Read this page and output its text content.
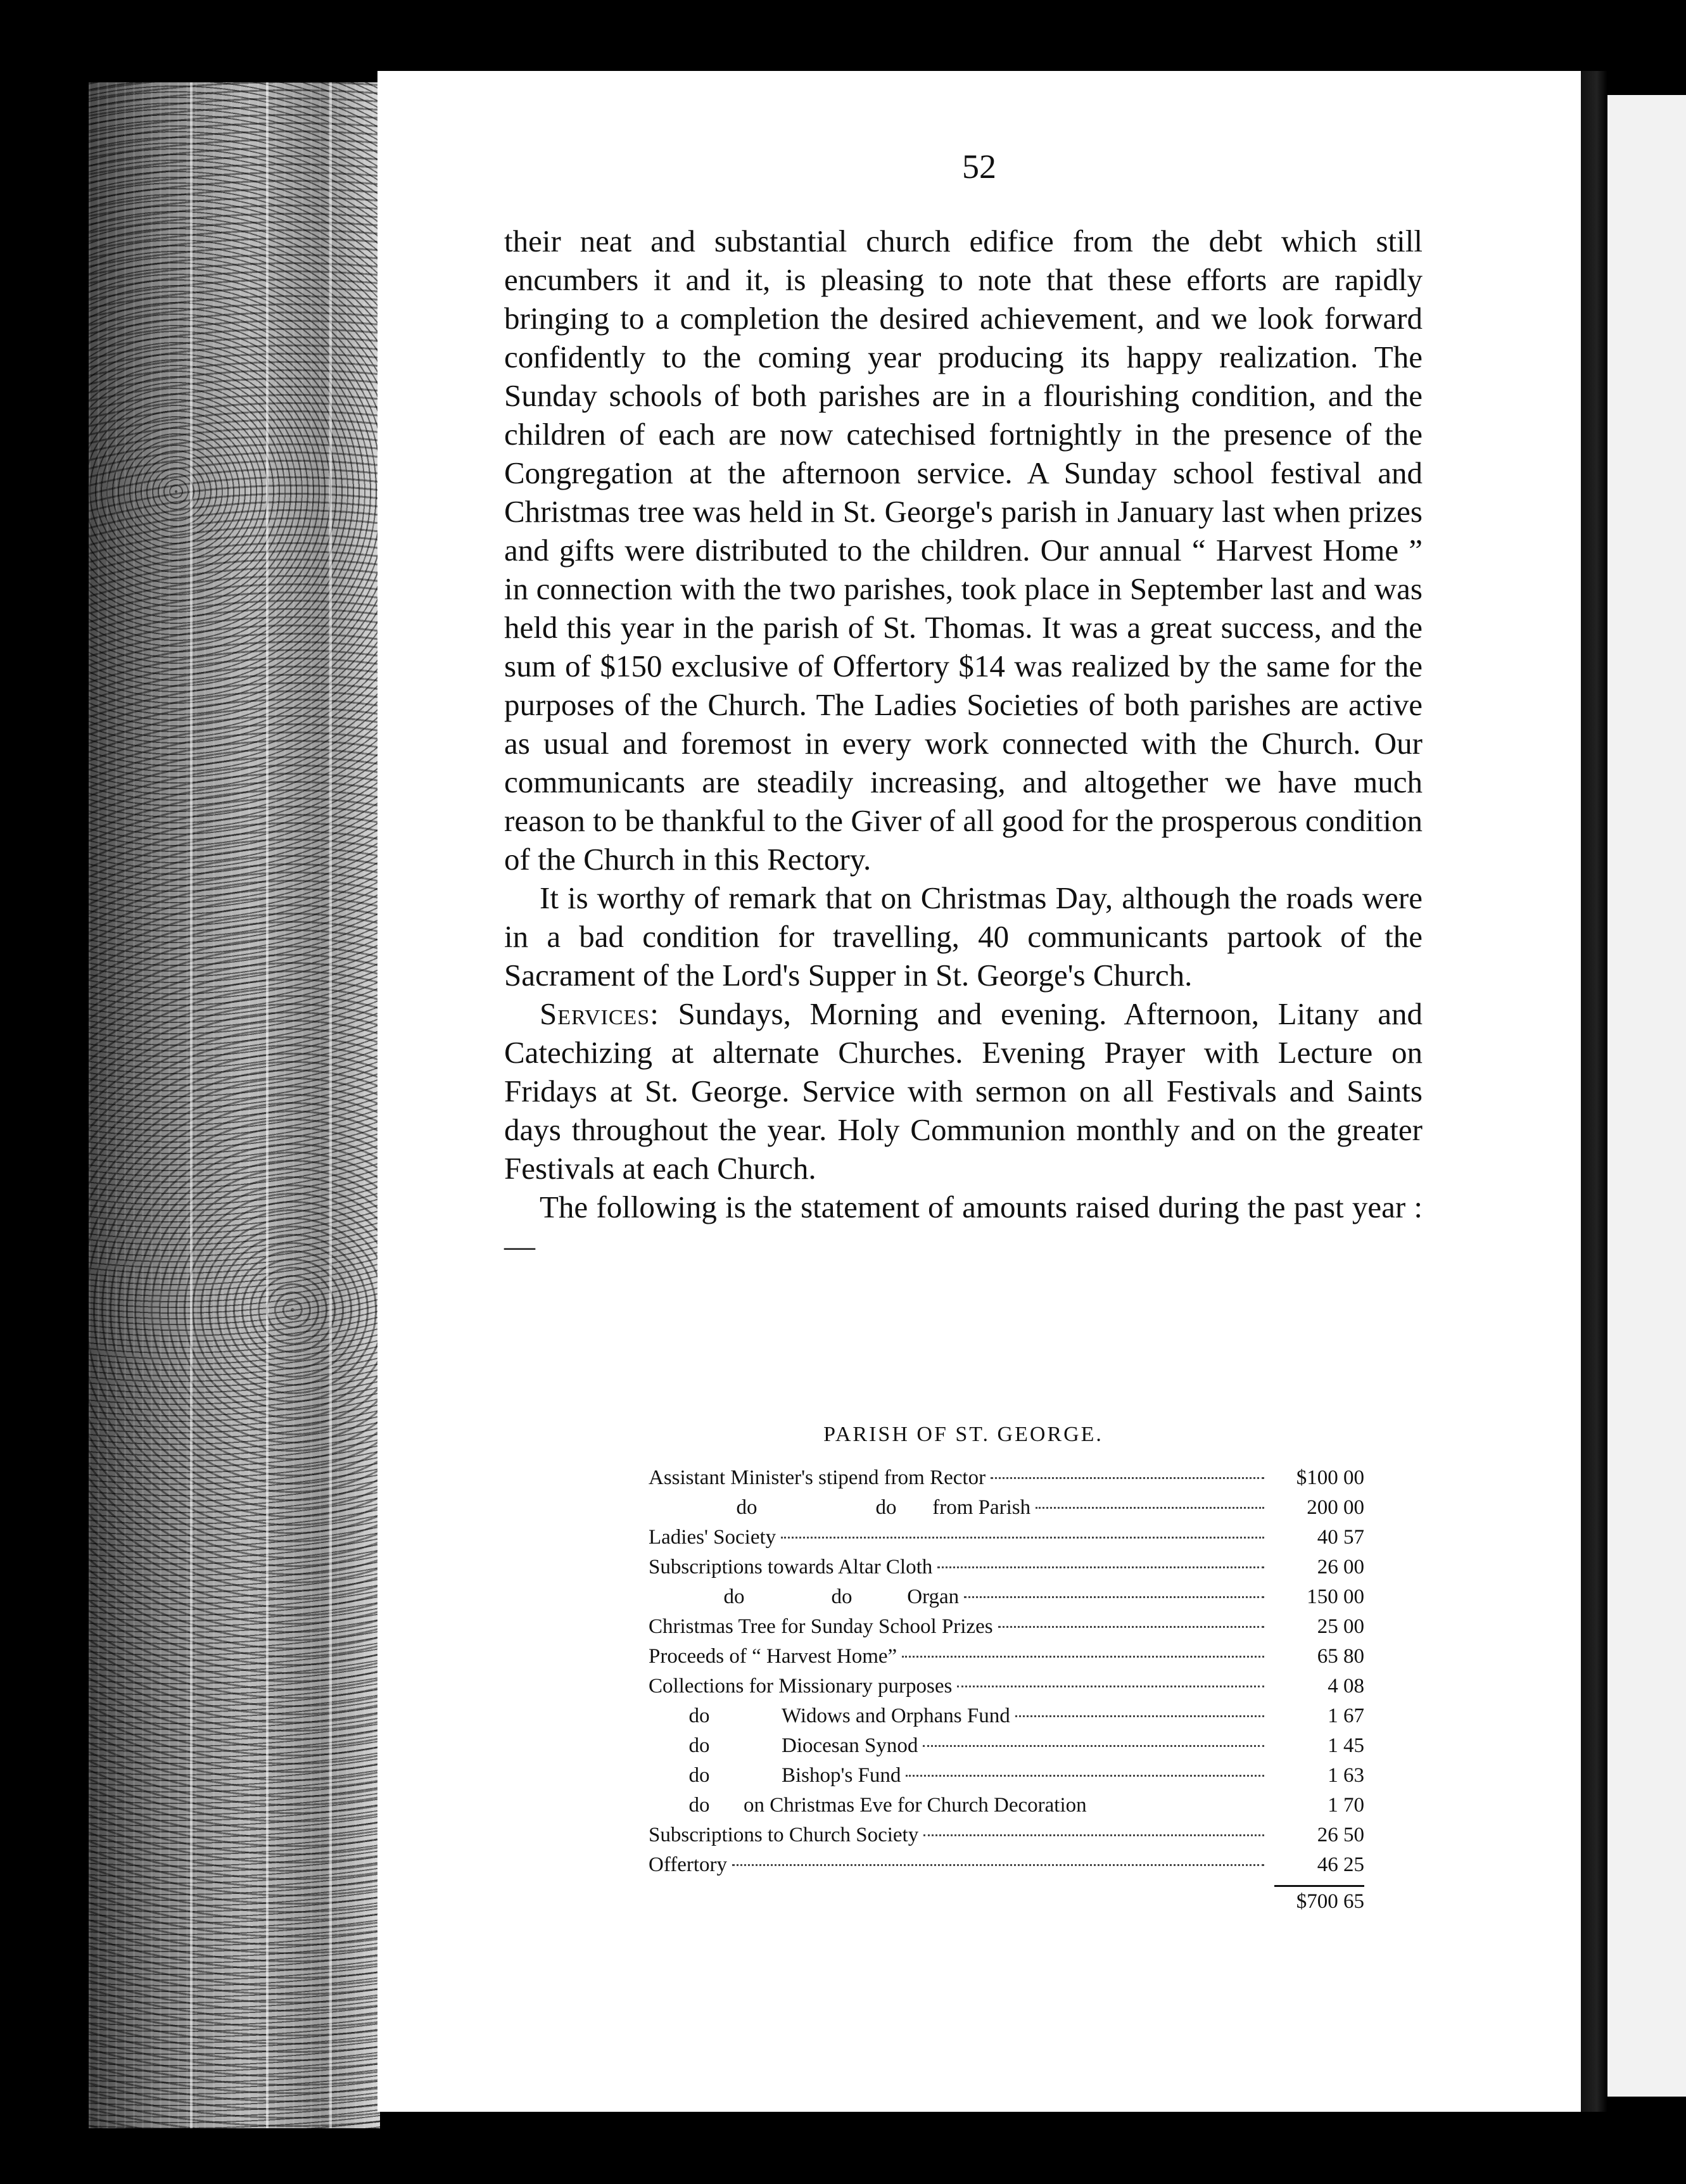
52

their neat and substantial church edifice from the debt which still encumbers it and it, is pleasing to note that these efforts are rapidly bringing to a completion the desired achievement, and we look forward confidently to the coming year producing its happy realization. The Sunday schools of both parishes are in a flourishing condition, and the children of each are now catechised fortnightly in the presence of the Congregation at the afternoon service. A Sunday school festival and Christmas tree was held in St. George's parish in January last when prizes and gifts were distributed to the children. Our annual “ Harvest Home ” in connection with the two parishes, took place in September last and was held this year in the parish of St. Thomas. It was a great success, and the sum of $150 exclusive of Offertory $14 was realized by the same for the purposes of the Church. The Ladies Societies of both parishes are active as usual and foremost in every work connected with the Church. Our communicants are steadily increasing, and altogether we have much reason to be thankful to the Giver of all good for the prosperous condition of the Church in this Rectory.

It is worthy of remark that on Christmas Day, although the roads were in a bad condition for travelling, 40 communicants partook of the Sacrament of the Lord's Supper in St. George's Church.

Services: Sundays, Morning and evening. Afternoon, Litany and Catechizing at alternate Churches. Evening Prayer with Lecture on Fridays at St. George. Service with sermon on all Festivals and Saints days throughout the year. Holy Communion monthly and on the greater Festivals at each Church.

The following is the statement of amounts raised during the past year :—

PARISH OF ST. GEORGE.
Assistant Minister's stipend from Rector	$100 00
do	do from Parish	200 00
Ladies' Society	40 57
Subscriptions towards Altar Cloth	26 00
do	do	Organ	150 00
Christmas Tree for Sunday School Prizes	25 00
Proceeds of “ Harvest Home”	65 80
Collections for Missionary purposes	4 08
do	Widows and Orphans Fund	1 67
do	Diocesan Synod	1 45
do	Bishop's Fund	1 63
do on Christmas Eve for Church Decoration	1 70
Subscriptions to Church Society	26 50
Offertory	46 25
$700 65
